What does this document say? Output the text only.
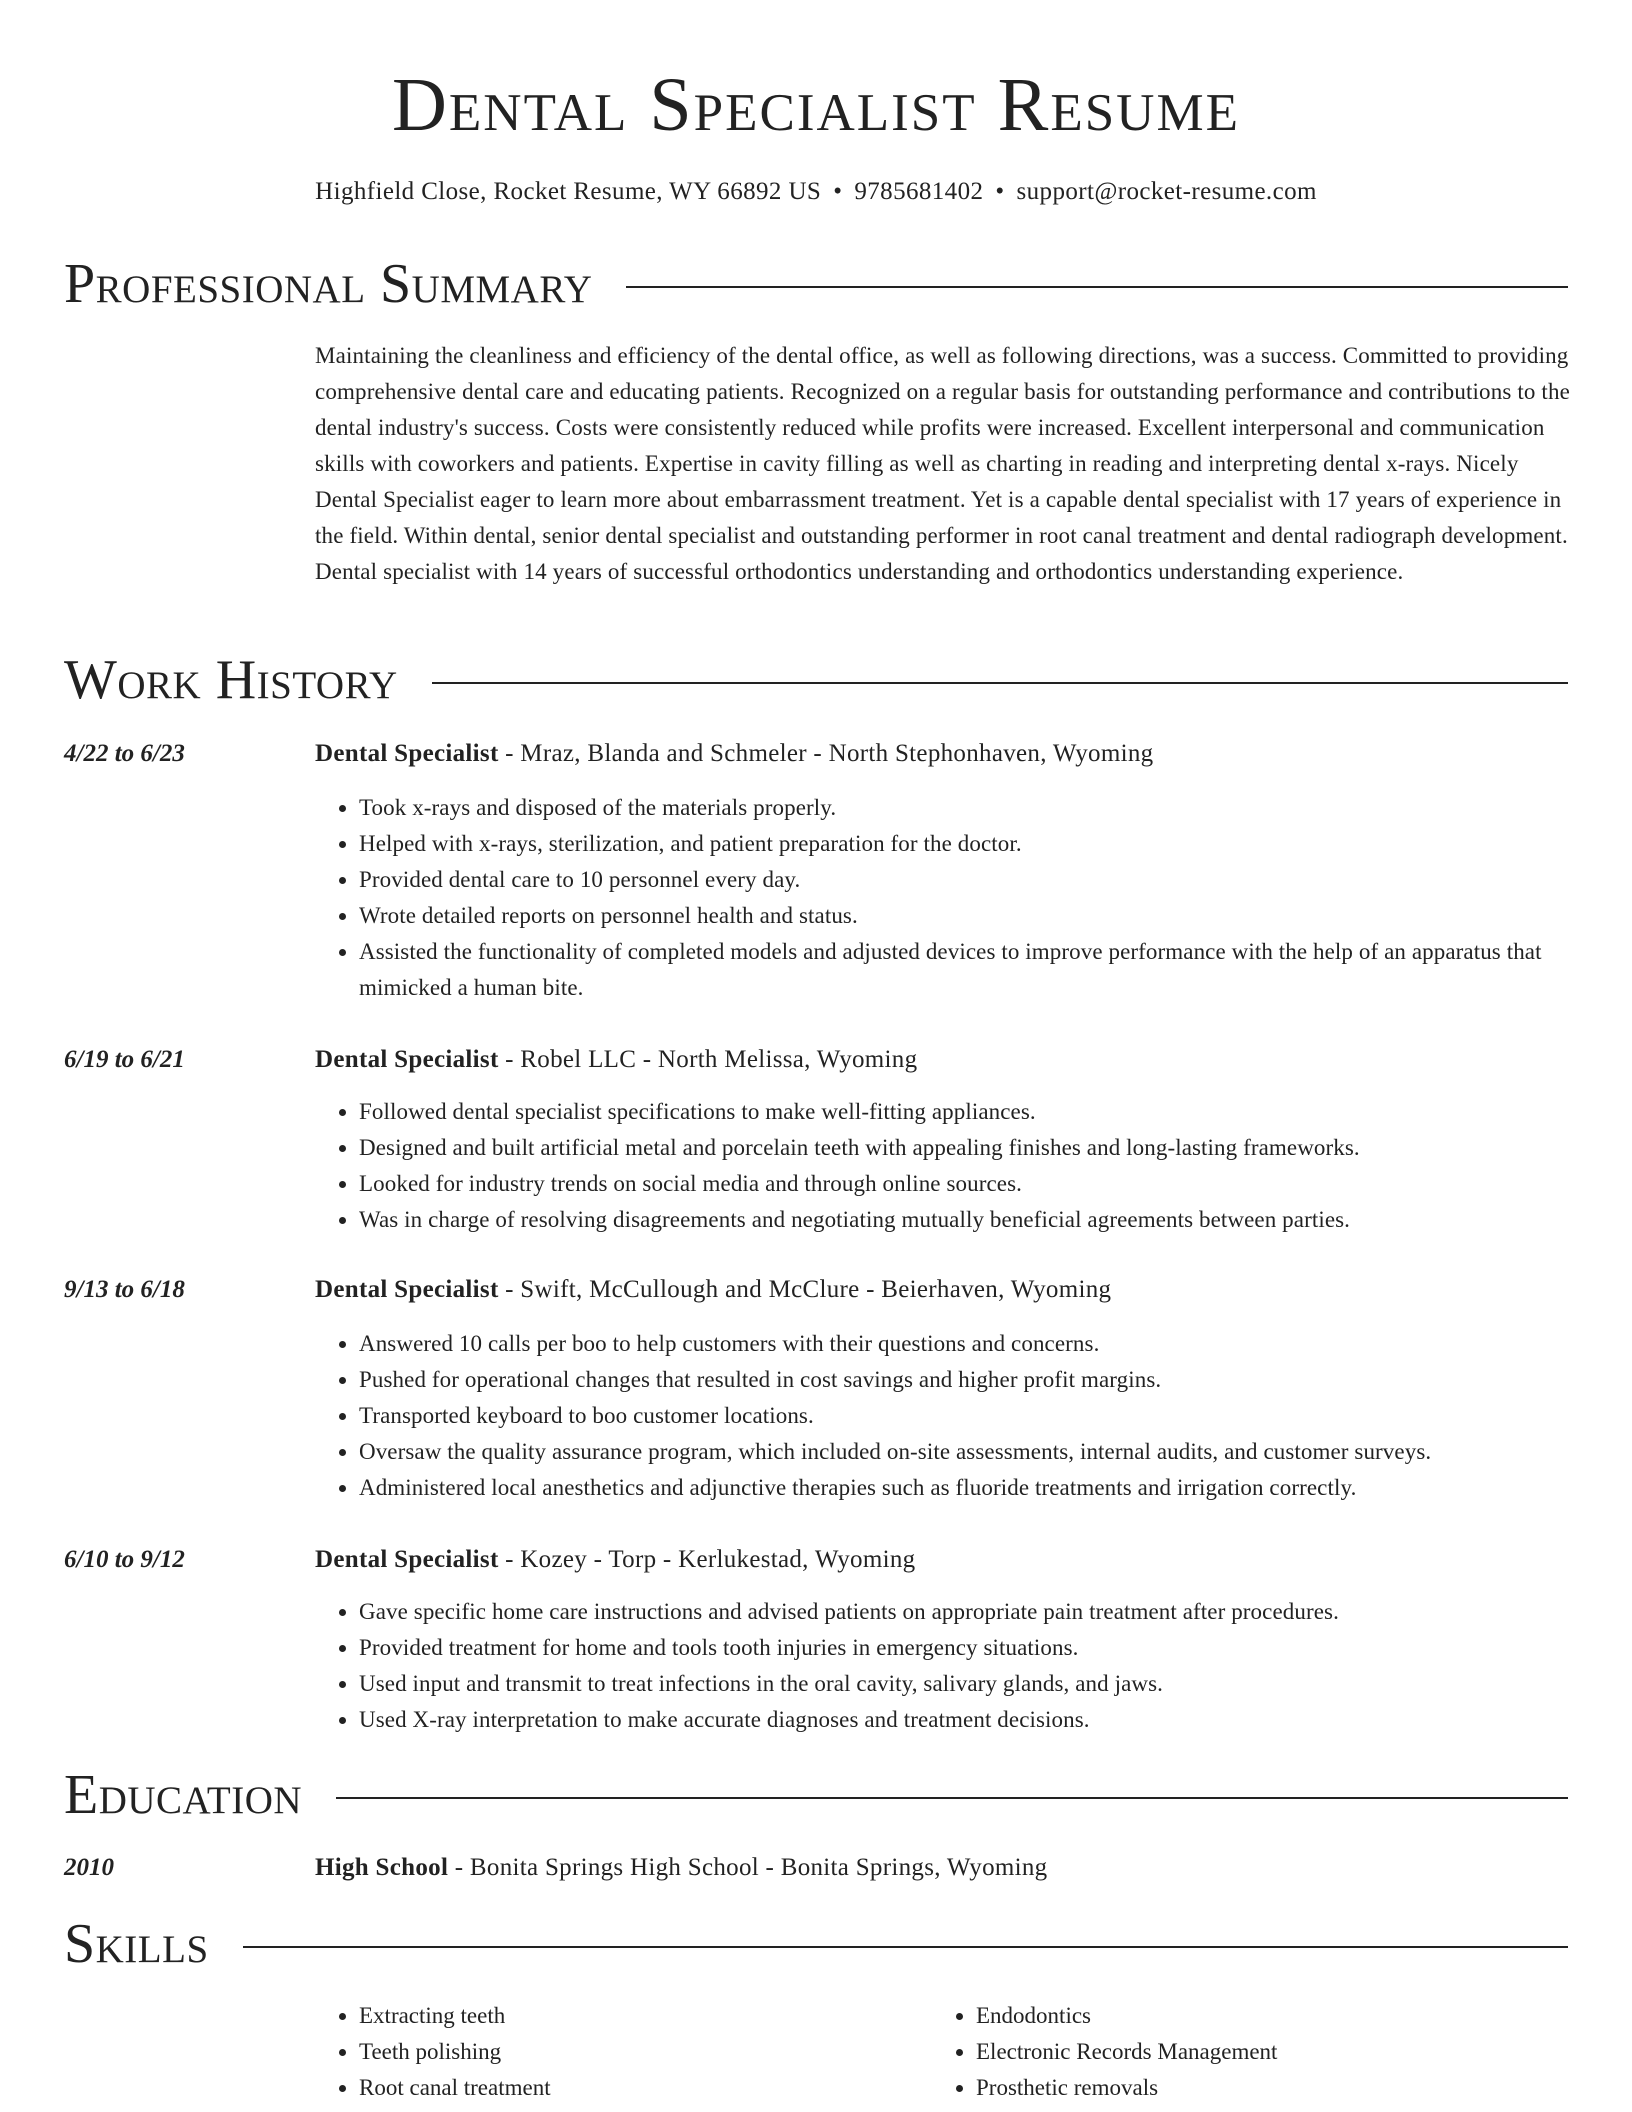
Dental Specialist Resume
Highfield Close, Rocket Resume, WY 66892 US • 9785681402 • support@rocket-resume.com
Professional Summary
Maintaining the cleanliness and efficiency of the dental office, as well as following directions, was a success. Committed to providing comprehensive dental care and educating patients. Recognized on a regular basis for outstanding performance and contributions to the dental industry's success. Costs were consistently reduced while profits were increased. Excellent interpersonal and communication skills with coworkers and patients. Expertise in cavity filling as well as charting in reading and interpreting dental x-rays. Nicely Dental Specialist eager to learn more about embarrassment treatment. Yet is a capable dental specialist with 17 years of experience in the field. Within dental, senior dental specialist and outstanding performer in root canal treatment and dental radiograph development. Dental specialist with 14 years of successful orthodontics understanding and orthodontics understanding experience.
Work History
4/22 to 6/23	Dental Specialist - Mraz, Blanda and Schmeler - North Stephonhaven, Wyoming
• Took x-rays and disposed of the materials properly.
• Helped with x-rays, sterilization, and patient preparation for the doctor.
• Provided dental care to 10 personnel every day.
• Wrote detailed reports on personnel health and status.
• Assisted the functionality of completed models and adjusted devices to improve performance with the help of an apparatus that mimicked a human bite.
6/19 to 6/21	Dental Specialist - Robel LLC - North Melissa, Wyoming
• Followed dental specialist specifications to make well-fitting appliances.
• Designed and built artificial metal and porcelain teeth with appealing finishes and long-lasting frameworks.
• Looked for industry trends on social media and through online sources.
• Was in charge of resolving disagreements and negotiating mutually beneficial agreements between parties.
9/13 to 6/18	Dental Specialist - Swift, McCullough and McClure - Beierhaven, Wyoming
• Answered 10 calls per boo to help customers with their questions and concerns.
• Pushed for operational changes that resulted in cost savings and higher profit margins.
• Transported keyboard to boo customer locations.
• Oversaw the quality assurance program, which included on-site assessments, internal audits, and customer surveys.
• Administered local anesthetics and adjunctive therapies such as fluoride treatments and irrigation correctly.
6/10 to 9/12	Dental Specialist - Kozey - Torp - Kerlukestad, Wyoming
• Gave specific home care instructions and advised patients on appropriate pain treatment after procedures.
• Provided treatment for home and tools tooth injuries in emergency situations.
• Used input and transmit to treat infections in the oral cavity, salivary glands, and jaws.
• Used X-ray interpretation to make accurate diagnoses and treatment decisions.
Education
2010	High School - Bonita Springs High School - Bonita Springs, Wyoming
Skills
• Extracting teeth
• Teeth polishing
• Root canal treatment
• Endodontics
• Electronic Records Management
• Prosthetic removals
